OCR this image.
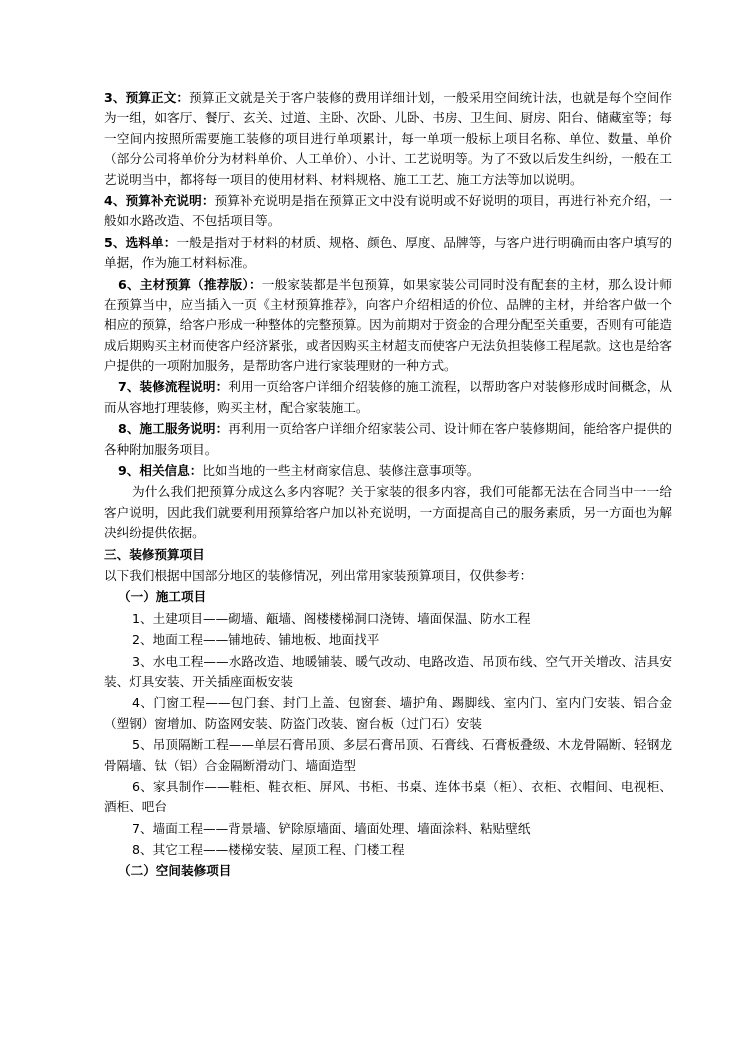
3、预算正文：预算正文就是关于客户装修的费用详细计划，一般采用空间统计法，也就是每个空间作为一组，如客厅、餐厅、玄关、过道、主卧、次卧、儿卧、书房、卫生间、厨房、阳台、储藏室等；每一空间内按照所需要施工装修的项目进行单项累计，每一单项一般标上项目名称、单位、数量、单价（部分公司将单价分为材料单价、人工单价）、小计、工艺说明等。为了不致以后发生纠纷，一般在工艺说明当中，都将每一项目的使用材料、材料规格、施工工艺、施工方法等加以说明。

4、预算补充说明：预算补充说明是指在预算正文中没有说明或不好说明的项目，再进行补充介绍，一般如水路改造、不包括项目等。

5、选料单：一般是指对于材料的材质、规格、颜色、厚度、品牌等，与客户进行明确而由客户填写的单据，作为施工材料标准。

6、主材预算（推荐版）：一般家装都是半包预算，如果家装公司同时没有配套的主材，那么设计师在预算当中，应当插入一页《主材预算推荐》，向客户介绍相适的价位、品牌的主材，并给客户做一个相应的预算，给客户形成一种整体的完整预算。因为前期对于资金的合理分配至关重要，否则有可能造成后期购买主材而使客户经济紧张，或者因购买主材超支而使客户无法负担装修工程尾款。这也是给客户提供的一项附加服务，是帮助客户进行家装理财的一种方式。

7、装修流程说明：利用一页给客户详细介绍装修的施工流程，以帮助客户对装修形成时间概念，从而从容地打理装修，购买主材，配合家装施工。

8、施工服务说明：再利用一页给客户详细介绍家装公司、设计师在客户装修期间，能给客户提供的各种附加服务项目。

9、相关信息：比如当地的一些主材商家信息、装修注意事项等。

为什么我们把预算分成这么多内容呢？关于家装的很多内容，我们可能都无法在合同当中一一给客户说明，因此我们就要利用预算给客户加以补充说明，一方面提高自己的服务素质，另一方面也为解决纠纷提供依据。

三、装修预算项目

以下我们根据中国部分地区的装修情况，列出常用家装预算项目，仅供参考：

（一）施工项目

1、土建项目——砌墙、甋墙、阁楼楼梯洞口浇铸、墙面保温、防水工程

2、地面工程——铺地砖、铺地板、地面找平

3、水电工程——水路改造、地暖铺装、暖气改动、电路改造、吊顶布线、空气开关增改、洁具安装、灯具安装、开关插座面板安装

4、门窗工程——包门套、封门上盖、包窗套、墙护角、踢脚线、室内门、室内门安装、铝合金（塑钢）窗增加、防盗网安装、防盗门改装、窗台板（过门石）安装

5、吊顶隔断工程——单层石膏吊顶、多层石膏吊顶、石膏线、石膏板叠级、木龙骨隔断、轻钢龙骨隔墙、钛（铝）合金隔断滑动门、墙面造型

6、家具制作——鞋柜、鞋衣柜、屏风、书柜、书桌、连体书桌（柜）、衣柜、衣帽间、电视柜、酒柜、吧台

7、墙面工程——背景墙、铲除原墙面、墙面处理、墙面涂料、粘贴壁纸

8、其它工程——楼梯安装、屋顶工程、门楼工程

（二）空间装修项目
